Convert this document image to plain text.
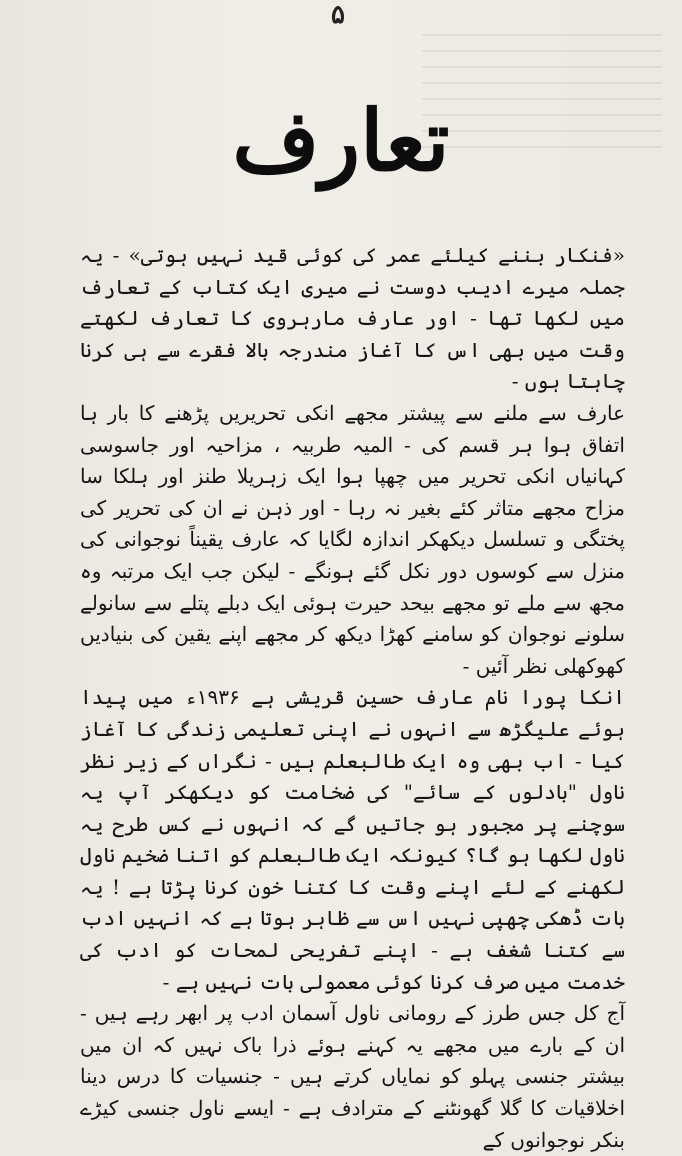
۵
تعارف

«فنکار بننے کیلئے عمر کی کوئی قید نہیں ہوتی» - یہ جملہ میرے ادیب دوست نے میری ایک کتاب کے تعارف میں لکھا تھا - اور عارف مارہروی کا تعارف لکھتے وقت میں بھی اس کا آغاز مندرجہ بالا فقرے سے ہی کرنا چاہتا ہوں -

عارف سے ملنے سے پیشتر مجھے انکی تحریریں پڑھنے کا بار ہا اتفاق ہوا ہر قسم کی - المیہ طربیہ ، مزاحیہ اور جاسوسی کہانیاں انکی تحریر میں چھپا ہوا ایک زہریلا طنز اور ہلکا سا مزاح مجھے متاثر کئے بغیر نہ رہا - اور ذہن نے ان کی تحریر کی پختگی و تسلسل دیکھکر اندازہ لگایا کہ عارف یقیناً نوجوانی کی منزل سے کوسوں دور نکل گئے ہونگے - لیکن جب ایک مرتبہ وہ مجھ سے ملے تو مجھے بیحد حیرت ہوئی ایک دبلے پتلے سے سانولے سلونے نوجوان کو سامنے کھڑا دیکھ کر مجھے اپنے یقین کی بنیادیں کھوکھلی نظر آئیں -

انکا پورا نام عارف حسین قریشی ہے ۱۹۳۶ء میں پیدا ہوئے علیگڑھ سے انہوں نے اپنی تعلیمی زندگی کا آغاز کیا - اب بھی وہ ایک طالبعلم ہیں - نگراں کے زیر نظر ناول "بادلوں کے سائے" کی ضخامت کو دیکھکر آپ یہ سوچنے پر مجبور ہو جاتیں گے کہ انہوں نے کس طرح یہ ناول لکھا ہو گا؟ کیونکہ ایک طالبعلم کو اتنا ضخیم ناول لکھنے کے لئے اپنے وقت کا کتنا خون کرنا پڑتا ہے ! یہ بات ڈھکی چھپی نہیں اس سے ظاہر ہوتا ہے کہ انہیں ادب سے کتنا شغف ہے - اپنے تفریحی لمحات کو ادب کی خدمت میں صرف کرنا کوئی معمولی بات نہیں ہے -

آج کل جس طرز کے رومانی ناول آسمان ادب پر ابھر رہے ہیں - ان کے بارے میں مجھے یہ کہنے ہوئے ذرا باک نہیں کہ ان میں بیشتر جنسی پہلو کو نمایاں کرتے ہیں - جنسیات کا درس دینا اخلاقیات کا گلا گھونٹنے کے مترادف ہے - ایسے ناول جنسی کیڑے بنکر نوجوانوں کے
